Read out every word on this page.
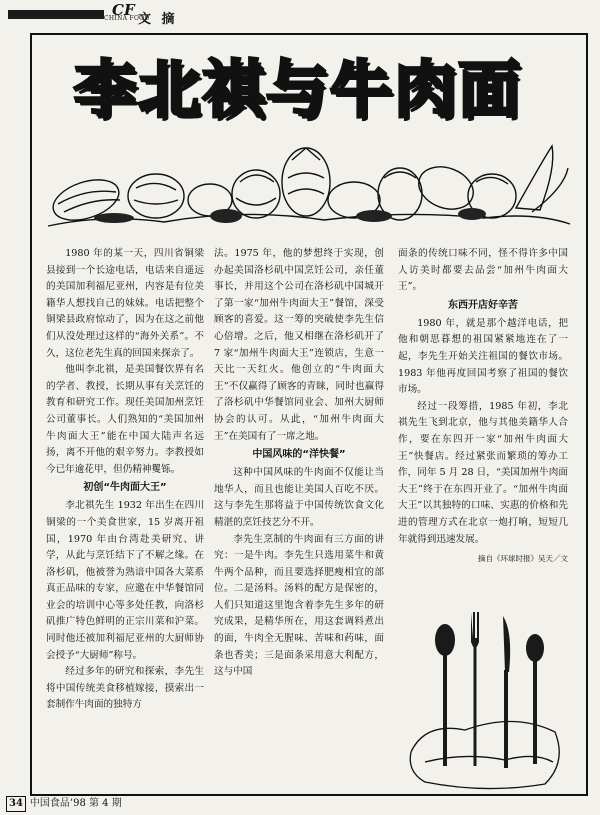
CF
CHINA FOOD
文 摘
李北祺与牛肉面

1980 年的某一天，四川省铜梁县接到一个长途电话，电话来自遥远的美国加利福尼亚州，内容是有位美籍华人想找自己的妹妹。电话把整个铜梁县政府惊动了，因为在这之前他们从没处理过这样的“海外关系”。不久，这位老先生真的回国来探亲了。

他叫李北祺，是美国餐饮界有名的学者、教授，长期从事有关烹饪的教育和研究工作。现任美国加州烹饪公司董事长。人们熟知的“美国加州牛肉面大王”能在中国大陆声名远扬，离不开他的艰辛努力。李教授如今已年逾花甲，但仍精神矍铄。

初创“牛肉面大王”

李北祺先生 1932 年出生在四川铜梁的一个美食世家，15 岁离开祖国，1970 年由台湾赴美研究、讲学，从此与烹饪结下了不解之缘。在洛杉矶，他被誉为熟谙中国各大菜系真正品味的专家，应邀在中华餐馆同业会的培训中心等多处任教，向洛杉矶推广特色鲜明的正宗川菜和沪菜。同时他还被加利福尼亚州的大厨师协会授予“大厨师”称号。

经过多年的研究和探索，李先生将中国传统美食移植嫁接，摸索出一套制作牛肉面的独特方

法。1975 年，他的梦想终于实现，创办起美国洛杉矶中国烹饪公司，亲任董事长，并用这个公司在洛杉矶中国城开了第一家“加州牛肉面大王”餐馆，深受顾客的喜爱。这一筹的突破使李先生信心倍增。之后，他又相继在洛杉矶开了 7 家“加州牛肉面大王”连锁店，生意一天比一天红火。他创立的“牛肉面大王”不仅赢得了顾客的青睐，同时也赢得了洛杉矶中华餐馆同业会、加州大厨师协会的认可。从此，“加州牛肉面大王”在美国有了一席之地。

中国风味的“洋快餐”

这种中国风味的牛肉面不仅能让当地华人，而且也能让美国人百吃不厌。这与李先生那将益于中国传统饮食文化精湛的烹饪技艺分不开。

李先生烹制的牛肉面有三方面的讲究：一是牛肉。李先生只选用菜牛和黄牛两个品种，而且要选择肥瘦相宜的部位。二是汤料。汤料的配方是保密的，人们只知道这里饱含着李先生多年的研究成果，是精华所在，用这套调料煮出的面，牛肉全无腥味、苦味和药味，面条也香美；三是面条采用意大利配方，这与中国

面条的传统口味不同，怪不得许多中国人访美时都要去品尝“加州牛肉面大王”。

东西开店好辛苦

1980 年，就是那个越洋电话，把他和朝思暮想的祖国紧紧地连在了一起，李先生开始关注祖国的餐饮市场。1983 年他再度回国考察了祖国的餐饮市场。

经过一段筹措，1985 年初，李北祺先生飞到北京，他与其他美籍华人合作，要在东四开一家“加州牛肉面大王”快餐店。经过紧张而繁琐的筹办工作，同年 5 月 28 日，“美国加州牛肉面大王”终于在东四开业了。“加州牛肉面大王”以其独特的口味、实惠的价格和先进的管理方式在北京一炮打响，短短几年就得到迅速发展。

摘自《环球时报》吴天／文
34 中国食品’98 第 4 期
